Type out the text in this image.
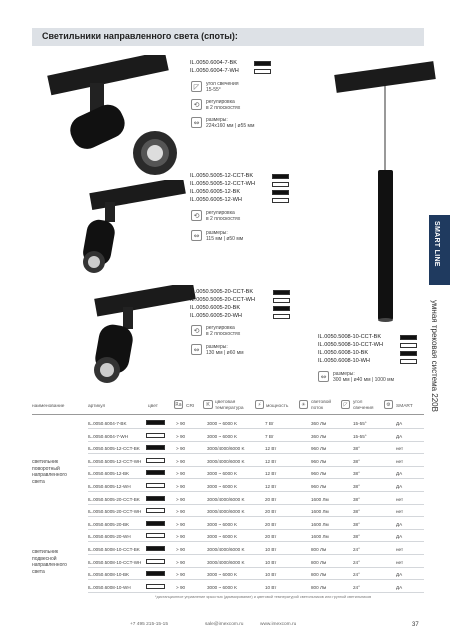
Светильники направленного света (споты):
SMART LINE
умная трековая система 220В
IL.0050.6004-7-BK
IL.0050.6004-7-WH
◸	угол свечения
15-55°
⟲	регулировка
в 2 плоскостях
⇔	размеры:
224x160 мм | ø55 мм
IL.0050.5005-12-CCT-BK
IL.0050.5005-12-CCT-WH
IL.0050.6005-12-BK
IL.0050.6005-12-WH
⟲	регулировка
в 2 плоскостях
⇔	размеры:
115 мм | ø50 мм
IL.0050.5005-20-CCT-BK
IL.0050.5005-20-CCT-WH
IL.0050.6005-20-BK
IL.0050.6005-20-WH
⟲	регулировка
в 2 плоскостях
⇔	размеры:
130 мм | ø60 мм
IL.0050.5008-10-CCT-BK
IL.0050.5008-10-CCT-WH
IL.0050.6008-10-BK
IL.0050.6008-10-WH
⇔	размеры:
300 мм | ø40 мм | 1000 мм
наименование	артикул	цвет	Ra CRI	К	цветовая температура	⚡ мощность	☀	световой поток	◸	угол свечения	⚙	SMART
светильник
поворотный
направленного
света
светильник
подвесной
направленного
света
IL.0050.6004-7-BK	> 90	3000 ~ 6000 K	7 Вт	360 Лм	15-55°	ДА
IL.0050.6004-7-WH	> 90	3000 ~ 6000 K	7 Вт	360 Лм	15-55°	ДА
IL.0050.5005-12-CCT-BK	> 90	3000/4000/6000 K	12 Вт	960 Лм	38°	нет
IL.0050.5005-12-CCT-WH	> 90	3000/4000/6000 K	12 Вт	960 Лм	38°	нет
IL.0050.6005-12-BK	> 90	3000 ~ 6000 K	12 Вт	960 Лм	38°	ДА
IL.0050.6005-12-WH	> 90	3000 ~ 6000 K	12 Вт	960 Лм	38°	ДА
IL.0050.5005-20-CCT-BK	> 90	3000/4000/6000 K	20 Вт	1600 Лм	38°	нет
IL.0050.5005-20-CCT-WH	> 90	3000/4000/6000 K	20 Вт	1600 Лм	38°	нет
IL.0050.6005-20-BK	> 90	3000 ~ 6000 K	20 Вт	1600 Лм	38°	ДА
IL.0050.6005-20-WH	> 90	3000 ~ 6000 K	20 Вт	1600 Лм	38°	ДА
IL.0050.5008-10-CCT-BK	> 90	3000/4000/6000 K	10 Вт	800 Лм	24°	нет
IL.0050.5008-10-CCT-WH	> 90	3000/4000/6000 K	10 Вт	800 Лм	24°	нет
IL.0050.6008-10-BK	> 90	3000 ~ 6000 K	10 Вт	800 Лм	24°	ДА
IL.0050.6008-10-WH	> 90	3000 ~ 6000 K	10 Вт	800 Лм	24°	ДА
*дистанционное управление яркостью (диммирование) и цветовой температурой светильников или группой светильников
+7 495 215-15-15	sale@imexcom.ru	www.imexcom.ru	37
